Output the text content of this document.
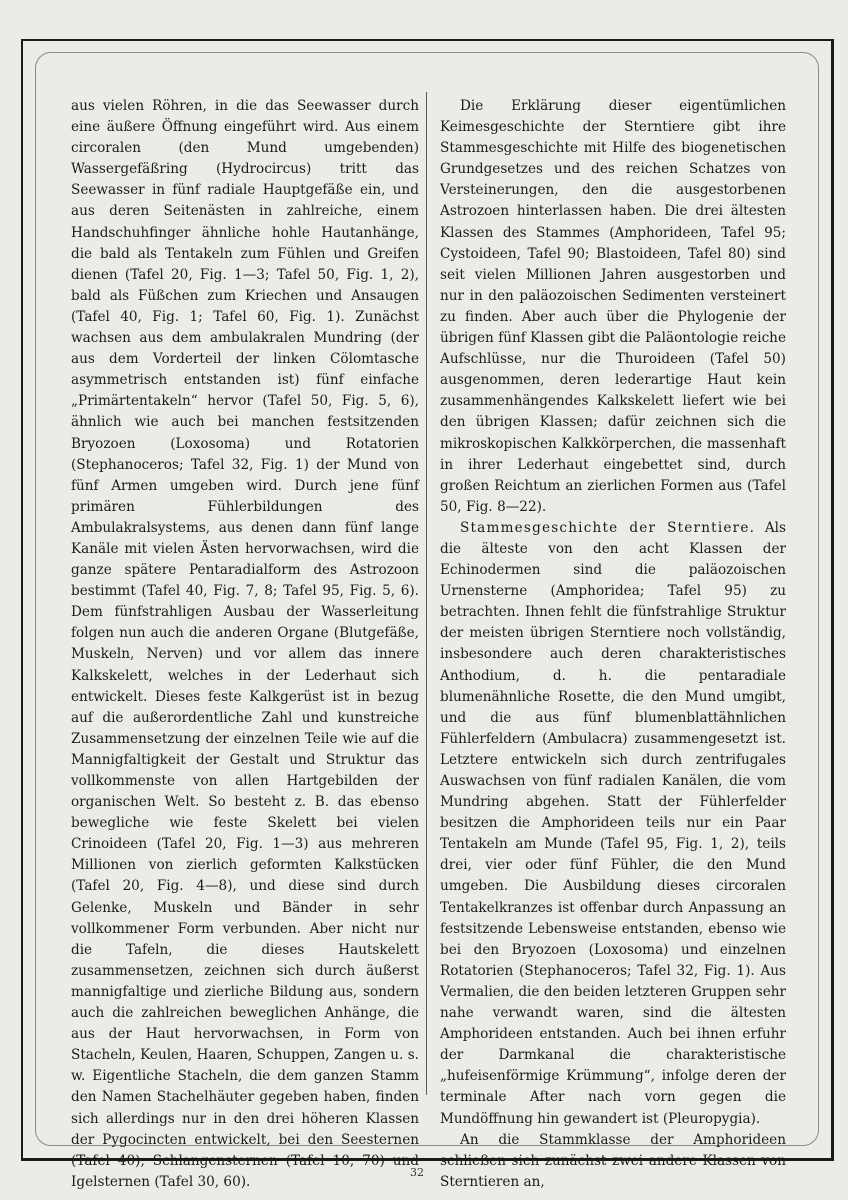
aus vielen Röhren, in die das Seewasser durch eine äußere Öffnung eingeführt wird. Aus einem circoralen (den Mund umgebenden) Wassergefäßring (Hydrocircus) tritt das Seewasser in fünf radiale Hauptgefäße ein, und aus deren Seitenästen in zahlreiche, einem Handschuhfinger ähnliche hohle Hautanhänge, die bald als Tentakeln zum Fühlen und Greifen dienen (Tafel 20, Fig. 1—3; Tafel 50, Fig. 1, 2), bald als Füßchen zum Kriechen und Ansaugen (Tafel 40, Fig. 1; Tafel 60, Fig. 1). Zunächst wachsen aus dem ambulakralen Mundring (der aus dem Vorderteil der linken Cölomtasche asymmetrisch entstanden ist) fünf einfache „Primärtentakeln“ hervor (Tafel 50, Fig. 5, 6), ähnlich wie auch bei manchen festsitzenden Bryozoen (Loxosoma) und Rotatorien (Stephanoceros; Tafel 32, Fig. 1) der Mund von fünf Armen umgeben wird. Durch jene fünf primären Fühlerbildungen des Ambulakralsystems, aus denen dann fünf lange Kanäle mit vielen Ästen hervorwachsen, wird die ganze spätere Pentaradialform des Astrozoon bestimmt (Tafel 40, Fig. 7, 8; Tafel 95, Fig. 5, 6). Dem fünfstrahligen Ausbau der Wasserleitung folgen nun auch die anderen Organe (Blutgefäße, Muskeln, Nerven) und vor allem das innere Kalkskelett, welches in der Lederhaut sich entwickelt. Dieses feste Kalkgerüst ist in bezug auf die außerordentliche Zahl und kunstreiche Zusammensetzung der einzelnen Teile wie auf die Mannigfaltigkeit der Gestalt und Struktur das vollkommenste von allen Hartgebilden der organischen Welt. So besteht z. B. das ebenso bewegliche wie feste Skelett bei vielen Crinoideen (Tafel 20, Fig. 1—3) aus mehreren Millionen von zierlich geformten Kalkstücken (Tafel 20, Fig. 4—8), und diese sind durch Gelenke, Muskeln und Bänder in sehr vollkommener Form verbunden. Aber nicht nur die Tafeln, die dieses Hautskelett zusammensetzen, zeichnen sich durch äußerst mannigfaltige und zierliche Bildung aus, sondern auch die zahlreichen beweglichen Anhänge, die aus der Haut hervorwachsen, in Form von Stacheln, Keulen, Haaren, Schuppen, Zangen u. s. w. Eigentliche Stacheln, die dem ganzen Stamm den Namen Stachelhäuter gegeben haben, finden sich allerdings nur in den drei höheren Klassen der Pygocincten entwickelt, bei den Seesternen (Tafel 40), Schlangensternen (Tafel 10, 70) und Igelsternen (Tafel 30, 60).

Die Erklärung dieser eigentümlichen Keimesgeschichte der Sterntiere gibt ihre Stammesgeschichte mit Hilfe des biogenetischen Grundgesetzes und des reichen Schatzes von Versteinerungen, den die ausgestorbenen Astrozoen hinterlassen haben. Die drei ältesten Klassen des Stammes (Amphorideen, Tafel 95; Cystoideen, Tafel 90; Blastoideen, Tafel 80) sind seit vielen Millionen Jahren ausgestorben und nur in den paläozoischen Sedimenten versteinert zu finden. Aber auch über die Phylogenie der übrigen fünf Klassen gibt die Paläontologie reiche Aufschlüsse, nur die Thuroideen (Tafel 50) ausgenommen, deren lederartige Haut kein zusammenhängendes Kalkskelett liefert wie bei den übrigen Klassen; dafür zeichnen sich die mikroskopischen Kalkkörperchen, die massenhaft in ihrer Lederhaut eingebettet sind, durch großen Reichtum an zierlichen Formen aus (Tafel 50, Fig. 8—22).

Stammesgeschichte der Sterntiere. Als die älteste von den acht Klassen der Echinodermen sind die paläozoischen Urnensterne (Amphoridea; Tafel 95) zu betrachten. Ihnen fehlt die fünfstrahlige Struktur der meisten übrigen Sterntiere noch vollständig, insbesondere auch deren charakteristisches Anthodium, d. h. die pentaradiale blumenähnliche Rosette, die den Mund umgibt, und die aus fünf blumenblattähnlichen Fühlerfeldern (Ambulacra) zusammengesetzt ist. Letztere entwickeln sich durch zentrifugales Auswachsen von fünf radialen Kanälen, die vom Mundring abgehen. Statt der Fühlerfelder besitzen die Amphorideen teils nur ein Paar Tentakeln am Munde (Tafel 95, Fig. 1, 2), teils drei, vier oder fünf Fühler, die den Mund umgeben. Die Ausbildung dieses circoralen Tentakelkranzes ist offenbar durch Anpassung an festsitzende Lebensweise entstanden, ebenso wie bei den Bryozoen (Loxosoma) und einzelnen Rotatorien (Stephanoceros; Tafel 32, Fig. 1). Aus Vermalien, die den beiden letzteren Gruppen sehr nahe verwandt waren, sind die ältesten Amphorideen entstanden. Auch bei ihnen erfuhr der Darmkanal die charakteristische „hufeisenförmige Krümmung“, infolge deren der terminale After nach vorn gegen die Mundöffnung hin gewandert ist (Pleuropygia).

An die Stammklasse der Amphorideen schließen sich zunächst zwei andere Klassen von Sterntieren an,

32
